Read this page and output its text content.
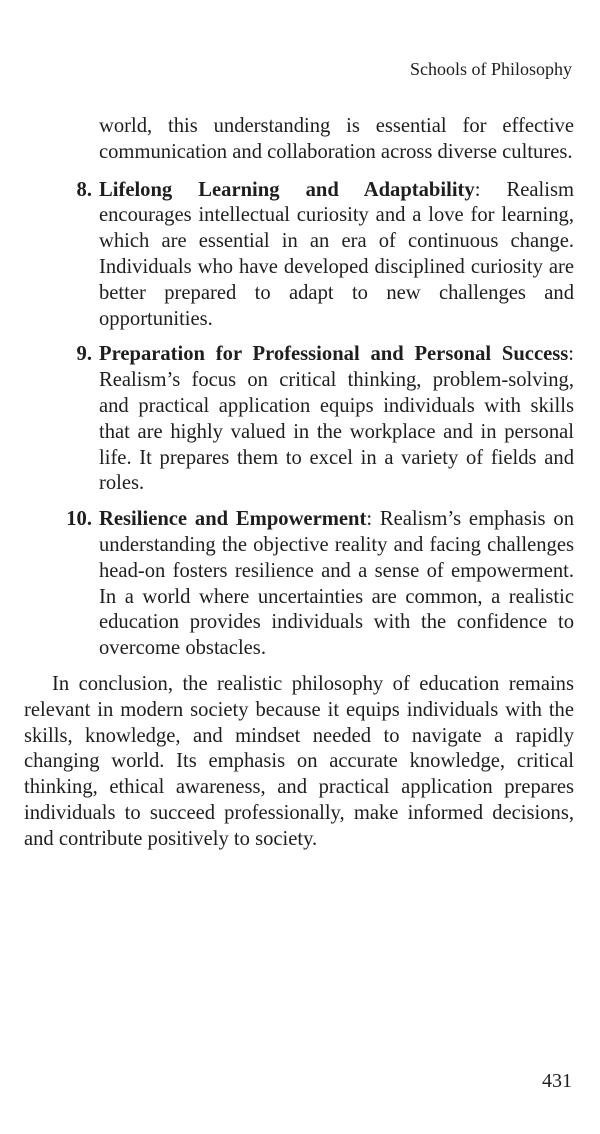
Schools of Philosophy
world, this understanding is essential for effective communication and collaboration across diverse cultures.
8. Lifelong Learning and Adaptability: Realism encourages intellectual curiosity and a love for learning, which are essential in an era of continuous change. Individuals who have developed disciplined curiosity are better prepared to adapt to new challenges and opportunities.
9. Preparation for Professional and Personal Success: Realism’s focus on critical thinking, problem-solving, and practical application equips individuals with skills that are highly valued in the workplace and in personal life. It prepares them to excel in a variety of fields and roles.
10. Resilience and Empowerment: Realism’s emphasis on understanding the objective reality and facing challenges head-on fosters resilience and a sense of empowerment. In a world where uncertainties are common, a realistic education provides individuals with the confidence to overcome obstacles.

In conclusion, the realistic philosophy of education remains relevant in modern society because it equips individuals with the skills, knowledge, and mindset needed to navigate a rapidly changing world. Its emphasis on accurate knowledge, critical thinking, ethical awareness, and practical application prepares individuals to succeed professionally, make informed decisions, and contribute positively to society.

431
